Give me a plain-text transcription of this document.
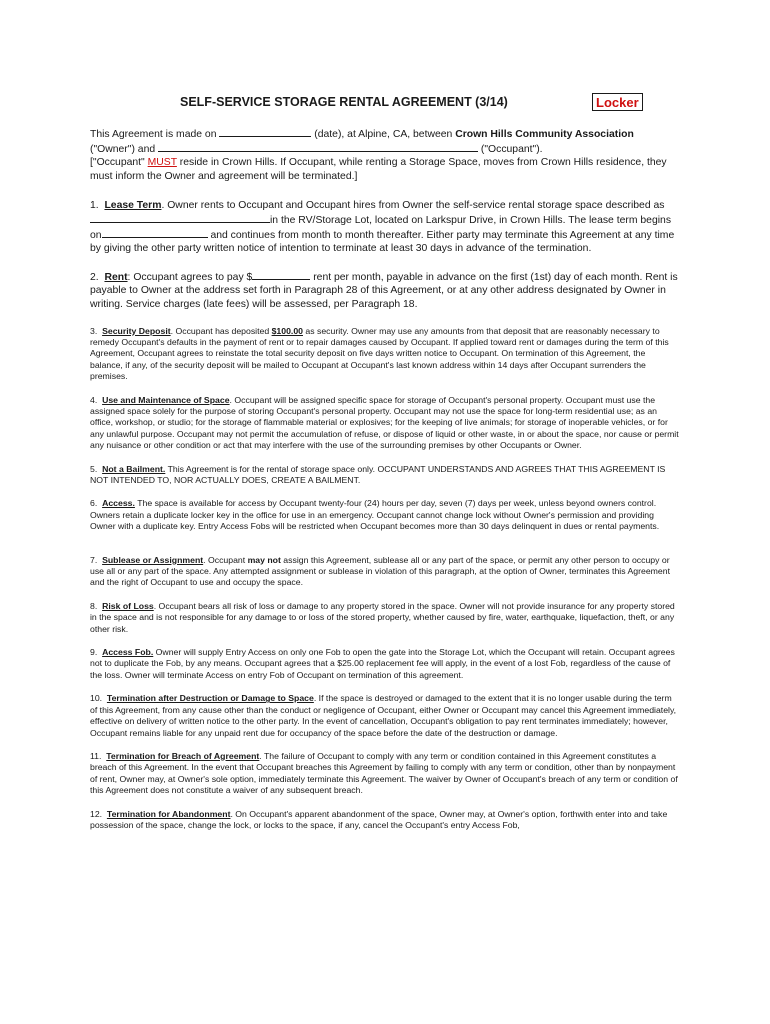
SELF-SERVICE STORAGE RENTAL AGREEMENT (3/14)	Locker

This Agreement is made on	(date), at Alpine, CA, between Crown Hills Community Association
("Owner") and	("Occupant").
["Occupant" MUST reside in Crown Hills. If Occupant, while renting a Storage Space, moves from Crown Hills residence, they must inform the Owner and agreement will be terminated.]

1. Lease Term. Owner rents to Occupant and Occupant hires from Owner the self-service rental storage space described as in the RV/Storage Lot, located on Larkspur Drive, in Crown Hills. The lease term begins on	and continues from month to month thereafter. Either party may terminate this Agreement at any time by giving the other party written notice of intention to terminate at least 30 days in advance of the termination.

2. Rent: Occupant agrees to pay $	rent per month, payable in advance on the first (1st) day of each month. Rent is payable to Owner at the address set forth in Paragraph 28 of this Agreement, or at any other address designated by Owner in writing. Service charges (late fees) will be assessed, per Paragraph 18.

3. Security Deposit. Occupant has deposited $100.00 as security. Owner may use any amounts from that deposit that are reasonably necessary to remedy Occupant's defaults in the payment of rent or to repair damages caused by Occupant. If applied toward rent or damages during the term of this Agreement, Occupant agrees to reinstate the total security deposit on five days written notice to Occupant. On termination of this Agreement, the balance, if any, of the security deposit will be mailed to Occupant at Occupant's last known address within 14 days after Occupant surrenders the premises.

4. Use and Maintenance of Space. Occupant will be assigned specific space for storage of Occupant's personal property. Occupant must use the assigned space solely for the purpose of storing Occupant's personal property. Occupant may not use the space for long-term residential use; as an office, workshop, or studio; for the storage of flammable material or explosives; for the keeping of live animals; for storage of inoperable vehicles, or for any unlawful purpose. Occupant may not permit the accumulation of refuse, or dispose of liquid or other waste, in or about the space, nor cause or permit any nuisance or other condition or act that may interfere with the use of the surrounding premises by other Occupants or Owner.

5. Not a Bailment. This Agreement is for the rental of storage space only. OCCUPANT UNDERSTANDS AND AGREES THAT THIS AGREEMENT IS NOT INTENDED TO, NOR ACTUALLY DOES, CREATE A BAILMENT.

6. Access. The space is available for access by Occupant twenty-four (24) hours per day, seven (7) days per week, unless beyond owners control. Owners retain a duplicate locker key in the office for use in an emergency. Occupant cannot change lock without Owner's permission and providing Owner with a duplicate key. Entry Access Fobs will be restricted when Occupant becomes more than 30 days delinquent in dues or rental payments.

7. Sublease or Assignment. Occupant may not assign this Agreement, sublease all or any part of the space, or permit any other person to occupy or use all or any part of the space. Any attempted assignment or sublease in violation of this paragraph, at the option of Owner, terminates this Agreement and the right of Occupant to use and occupy the space.

8. Risk of Loss. Occupant bears all risk of loss or damage to any property stored in the space. Owner will not provide insurance for any property stored in the space and is not responsible for any damage to or loss of the stored property, whether caused by fire, water, earthquake, liquefaction, theft, or any other risk.

9. Access Fob. Owner will supply Entry Access on only one Fob to open the gate into the Storage Lot, which the Occupant will retain. Occupant agrees not to duplicate the Fob, by any means. Occupant agrees that a $25.00 replacement fee will apply, in the event of a lost Fob, regardless of the cause of the loss. Owner will terminate Access on entry Fob of Occupant on termination of this agreement.

10. Termination after Destruction or Damage to Space. If the space is destroyed or damaged to the extent that it is no longer usable during the term of this Agreement, from any cause other than the conduct or negligence of Occupant, either Owner or Occupant may cancel this Agreement immediately, effective on delivery of written notice to the other party. In the event of cancellation, Occupant's obligation to pay rent terminates immediately; however, Occupant remains liable for any unpaid rent due for occupancy of the space before the date of the destruction or damage.

11. Termination for Breach of Agreement. The failure of Occupant to comply with any term or condition contained in this Agreement constitutes a breach of this Agreement. In the event that Occupant breaches this Agreement by failing to comply with any term or condition, other than by nonpayment of rent, Owner may, at Owner's sole option, immediately terminate this Agreement. The waiver by Owner of Occupant's breach of any term or condition of this Agreement does not constitute a waiver of any subsequent breach.

12. Termination for Abandonment. On Occupant's apparent abandonment of the space, Owner may, at Owner's option, forthwith enter into and take possession of the space, change the lock, or locks to the space, if any, cancel the Occupant's entry Access Fob,
